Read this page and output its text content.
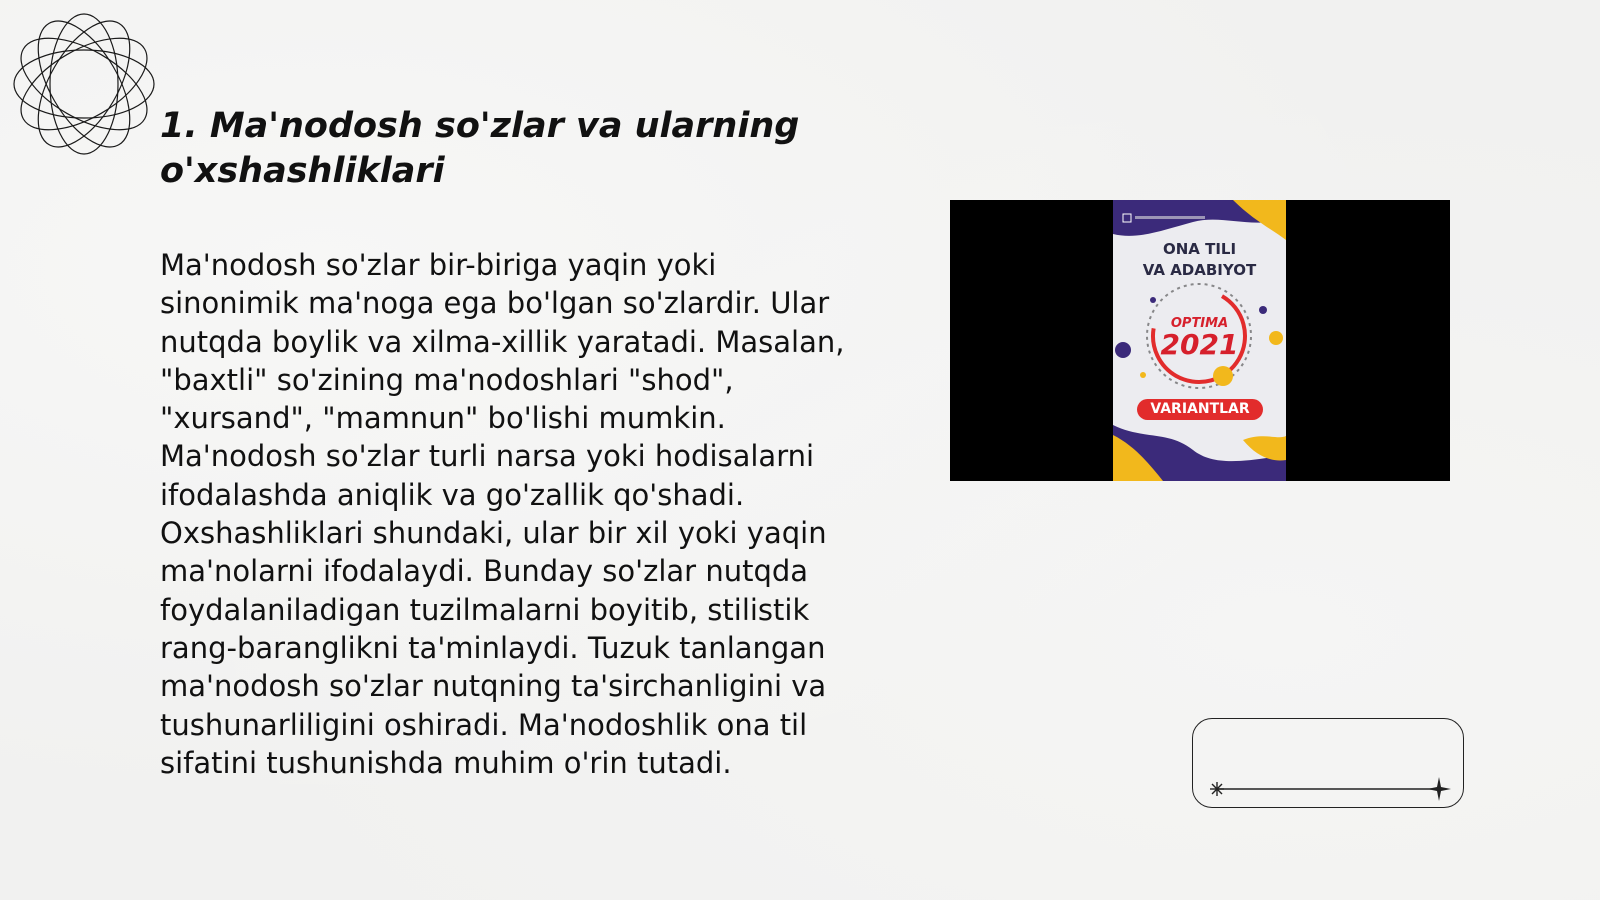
1. Ma'nodosh so'zlar va ularning o'xshashliklari

Ma'nodosh so'zlar bir-biriga yaqin yoki sinonimik ma'noga ega bo'lgan so'zlardir. Ular nutqda boylik va xilma-xillik yaratadi. Masalan, "baxtli" so'zining ma'nodoshlari "shod", "xursand", "mamnun" bo'lishi mumkin. Ma'nodosh so'zlar turli narsa yoki hodisalarni ifodalashda aniqlik va go'zallik qo'shadi. Oxshashliklari shundaki, ular bir xil yoki yaqin ma'nolarni ifodalaydi. Bunday so'zlar nutqda foydalaniladigan tuzilmalarni boyitib, stilistik rang-baranglikni ta'minlaydi. Tuzuk tanlangan ma'nodosh so'zlar nutqning ta'sirchanligini va tushunarliligini oshiradi. Ma'nodoshlik ona til sifatini tushunishda muhim o'rin tutadi.

ONA TILI
VA ADABIYOT
OPTIMA
2021
VARIANTLAR
